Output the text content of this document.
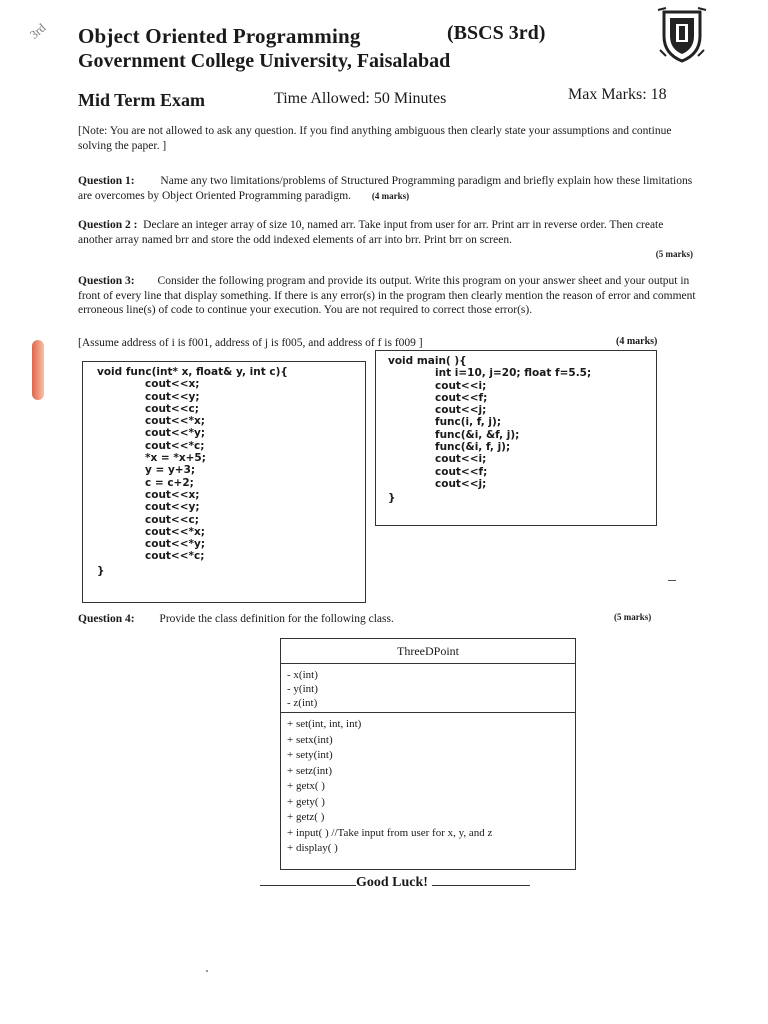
3rd Object Oriented Programming	(BSCS 3rd)
Government College University, Faisalabad
Mid Term Exam	Time Allowed: 50 Minutes	Max Marks: 18
[Note: You are not allowed to ask any question. If you find anything ambiguous then clearly state your assumptions and continue solving the paper. ]
Question 1: Name any two limitations/problems of Structured Programming paradigm and briefly explain how these limitations are overcomes by Object Oriented Programming paradigm. (4 marks)
Question 2 : Declare an integer array of size 10, named arr. Take input from user for arr. Print arr in reverse order. Then create another array named brr and store the odd indexed elements of arr into brr. Print brr on screen.
(5 marks)
Question 3: Consider the following program and provide its output. Write this program on your answer sheet and your output in front of every line that display something. If there is any error(s) in the program then clearly mention the reason of error and comment erroneous line(s) of code to continue your execution. You are not required to correct those error(s).
[Assume address of i is f001, address of j is f005, and address of f is f009 ]	(4 marks)
void func(int* x, float& y, int c){
cout<<x;
cout<<y;
cout<<c;
cout<<*x;
cout<<*y;
cout<<*c;
*x = *x+5;
y = y+3;
c = c+2;
cout<<x;
cout<<y;
cout<<c;
cout<<*x;
cout<<*y;
cout<<*c;
}
void main( ){
int i=10, j=20; float f=5.5;
cout<<i;
cout<<f;
cout<<j;
func(i, f, j);
func(&i, &f, j);
func(&i, f, j);
cout<<i;
cout<<f;
cout<<j;
}
Question 4: Provide the class definition for the following class.	(5 marks)
ThreeDPoint
- x(int)
- y(int)
- z(int)
+ set(int, int, int)
+ setx(int)
+ sety(int)
+ setz(int)
+ getx( )
+ gety( )
+ getz( )
+ input( ) //Take input from user for x, y, and z
+ display( )
Good Luck!
